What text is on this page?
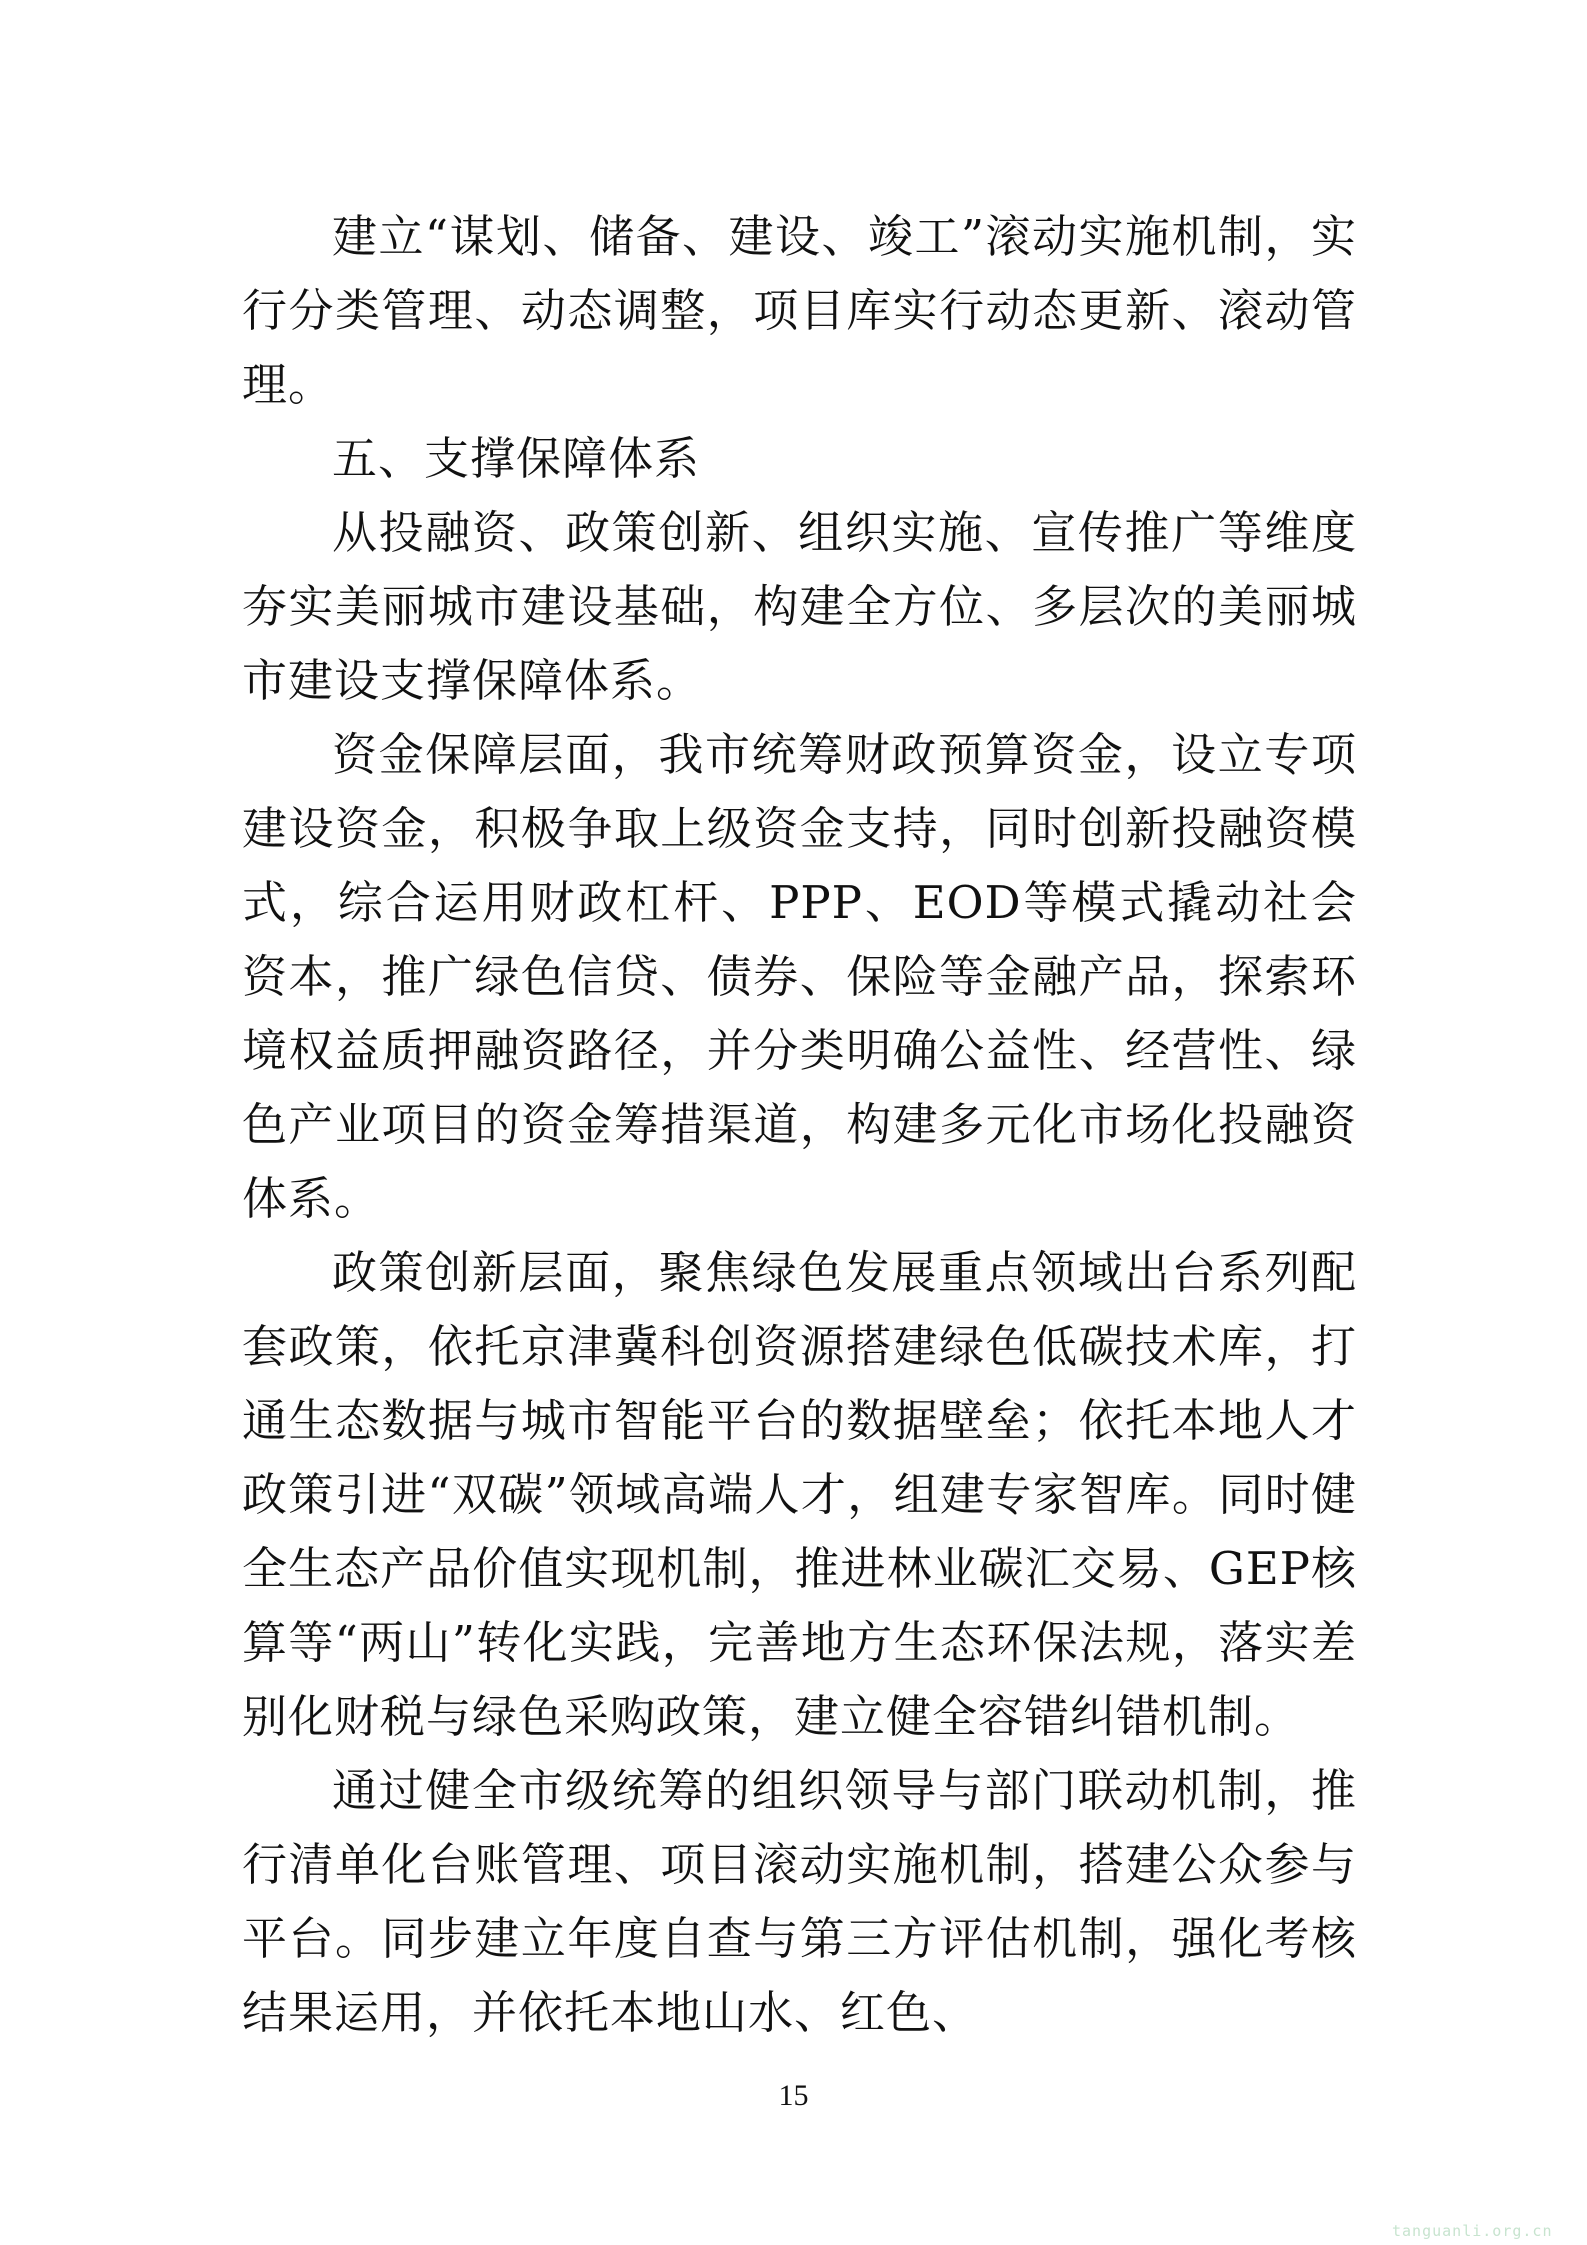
建立“谋划、储备、建设、竣工”滚动实施机制，实行分类管理、动态调整，项目库实行动态更新、滚动管理。

五、支撑保障体系

从投融资、政策创新、组织实施、宣传推广等维度夯实美丽城市建设基础，构建全方位、多层次的美丽城市建设支撑保障体系。

资金保障层面，我市统筹财政预算资金，设立专项建设资金，积极争取上级资金支持，同时创新投融资模式，综合运用财政杠杆、PPP、EOD等模式撬动社会资本，推广绿色信贷、债券、保险等金融产品，探索环境权益质押融资路径，并分类明确公益性、经营性、绿色产业项目的资金筹措渠道，构建多元化市场化投融资体系。

政策创新层面，聚焦绿色发展重点领域出台系列配套政策，依托京津冀科创资源搭建绿色低碳技术库，打通生态数据与城市智能平台的数据壁垒；依托本地人才政策引进“双碳”领域高端人才，组建专家智库。同时健全生态产品价值实现机制，推进林业碳汇交易、GEP核算等“两山”转化实践，完善地方生态环保法规，落实差别化财税与绿色采购政策，建立健全容错纠错机制。

通过健全市级统筹的组织领导与部门联动机制，推行清单化台账管理、项目滚动实施机制，搭建公众参与平台。同步建立年度自查与第三方评估机制，强化考核结果运用，并依托本地山水、红色、

15
tanguanli.org.cn
